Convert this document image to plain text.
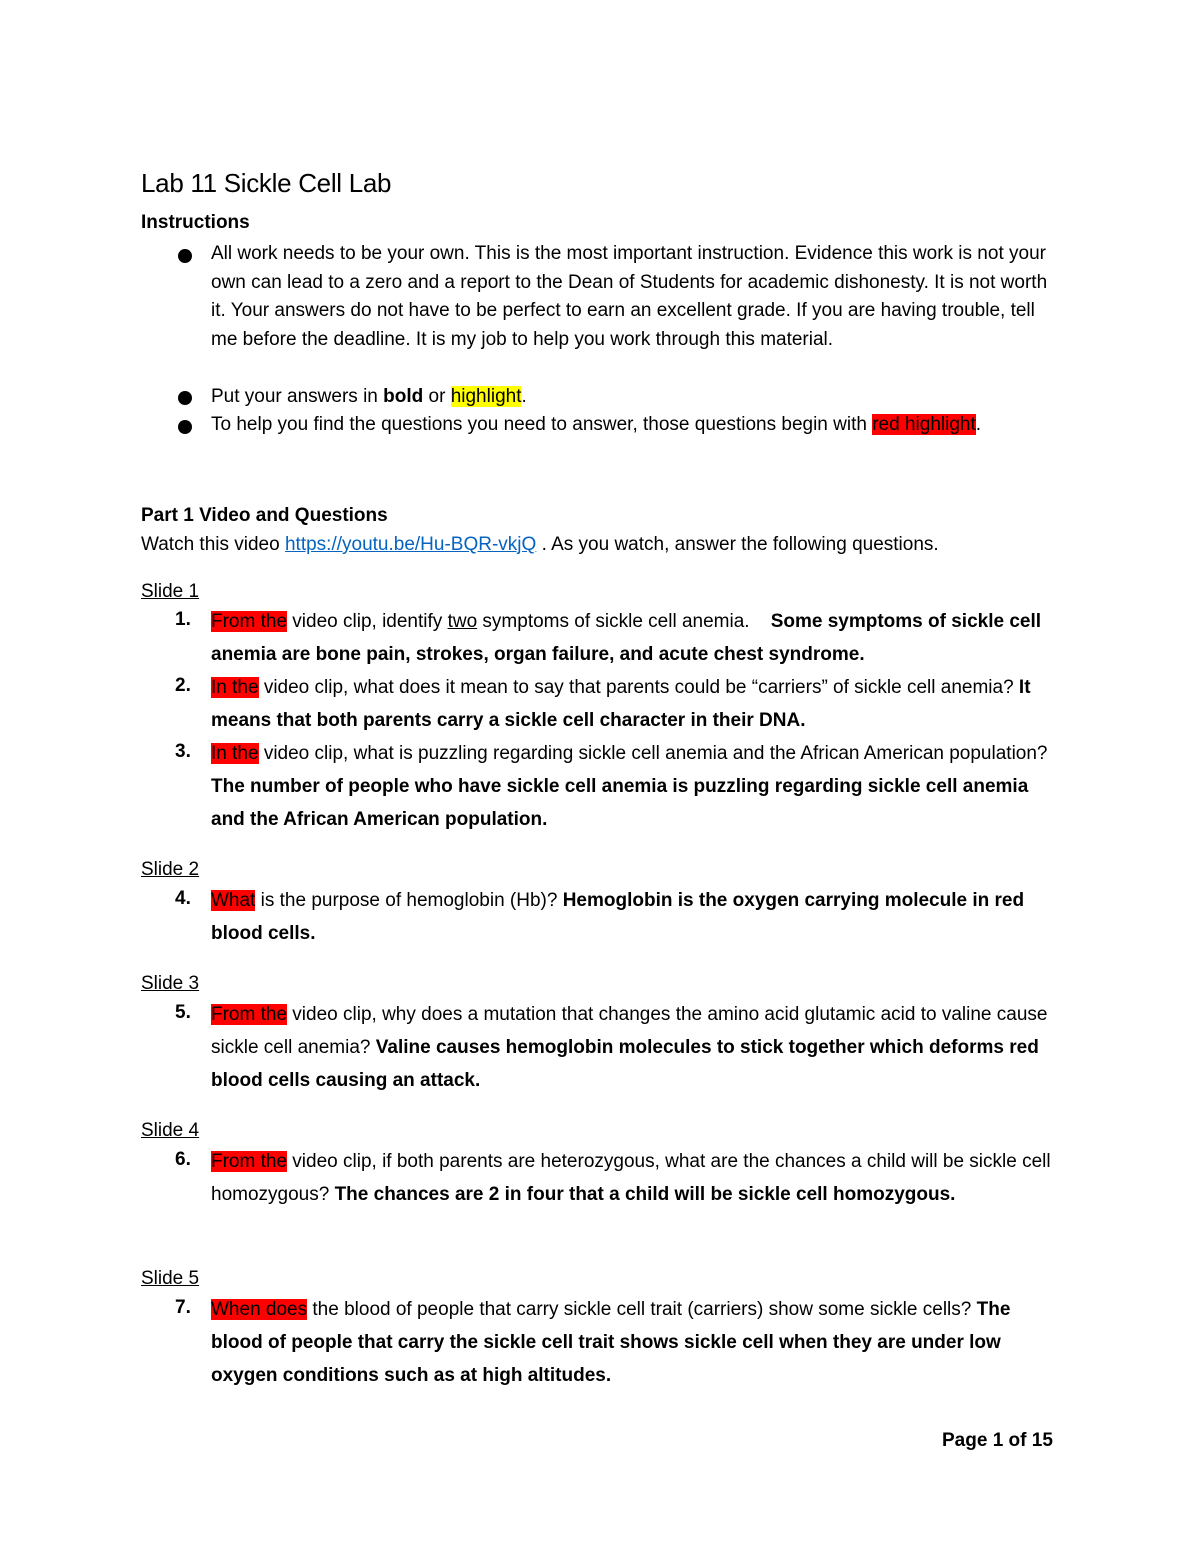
Lab 11 Sickle Cell Lab
Instructions
All work needs to be your own. This is the most important instruction. Evidence this work is not your own can lead to a zero and a report to the Dean of Students for academic dishonesty. It is not worth it. Your answers do not have to be perfect to earn an excellent grade. If you are having trouble, tell me before the deadline. It is my job to help you work through this material.
Put your answers in bold or highlight.
To help you find the questions you need to answer, those questions begin with red highlight.
Part 1 Video and Questions
Watch this video https://youtu.be/Hu-BQR-vkjQ . As you watch, answer the following questions.
Slide 1
1. From the video clip, identify two symptoms of sickle cell anemia. Some symptoms of sickle cell anemia are bone pain, strokes, organ failure, and acute chest syndrome.
2. In the video clip, what does it mean to say that parents could be “carriers” of sickle cell anemia? It means that both parents carry a sickle cell character in their DNA.
3. In the video clip, what is puzzling regarding sickle cell anemia and the African American population? The number of people who have sickle cell anemia is puzzling regarding sickle cell anemia and the African American population.
Slide 2
4. What is the purpose of hemoglobin (Hb)? Hemoglobin is the oxygen carrying molecule in red blood cells.
Slide 3
5. From the video clip, why does a mutation that changes the amino acid glutamic acid to valine cause sickle cell anemia? Valine causes hemoglobin molecules to stick together which deforms red blood cells causing an attack.
Slide 4
6. From the video clip, if both parents are heterozygous, what are the chances a child will be sickle cell homozygous? The chances are 2 in four that a child will be sickle cell homozygous.
Slide 5
7. When does the blood of people that carry sickle cell trait (carriers) show some sickle cells? The blood of people that carry the sickle cell trait shows sickle cell when they are under low oxygen conditions such as at high altitudes.
Page 1 of 15
